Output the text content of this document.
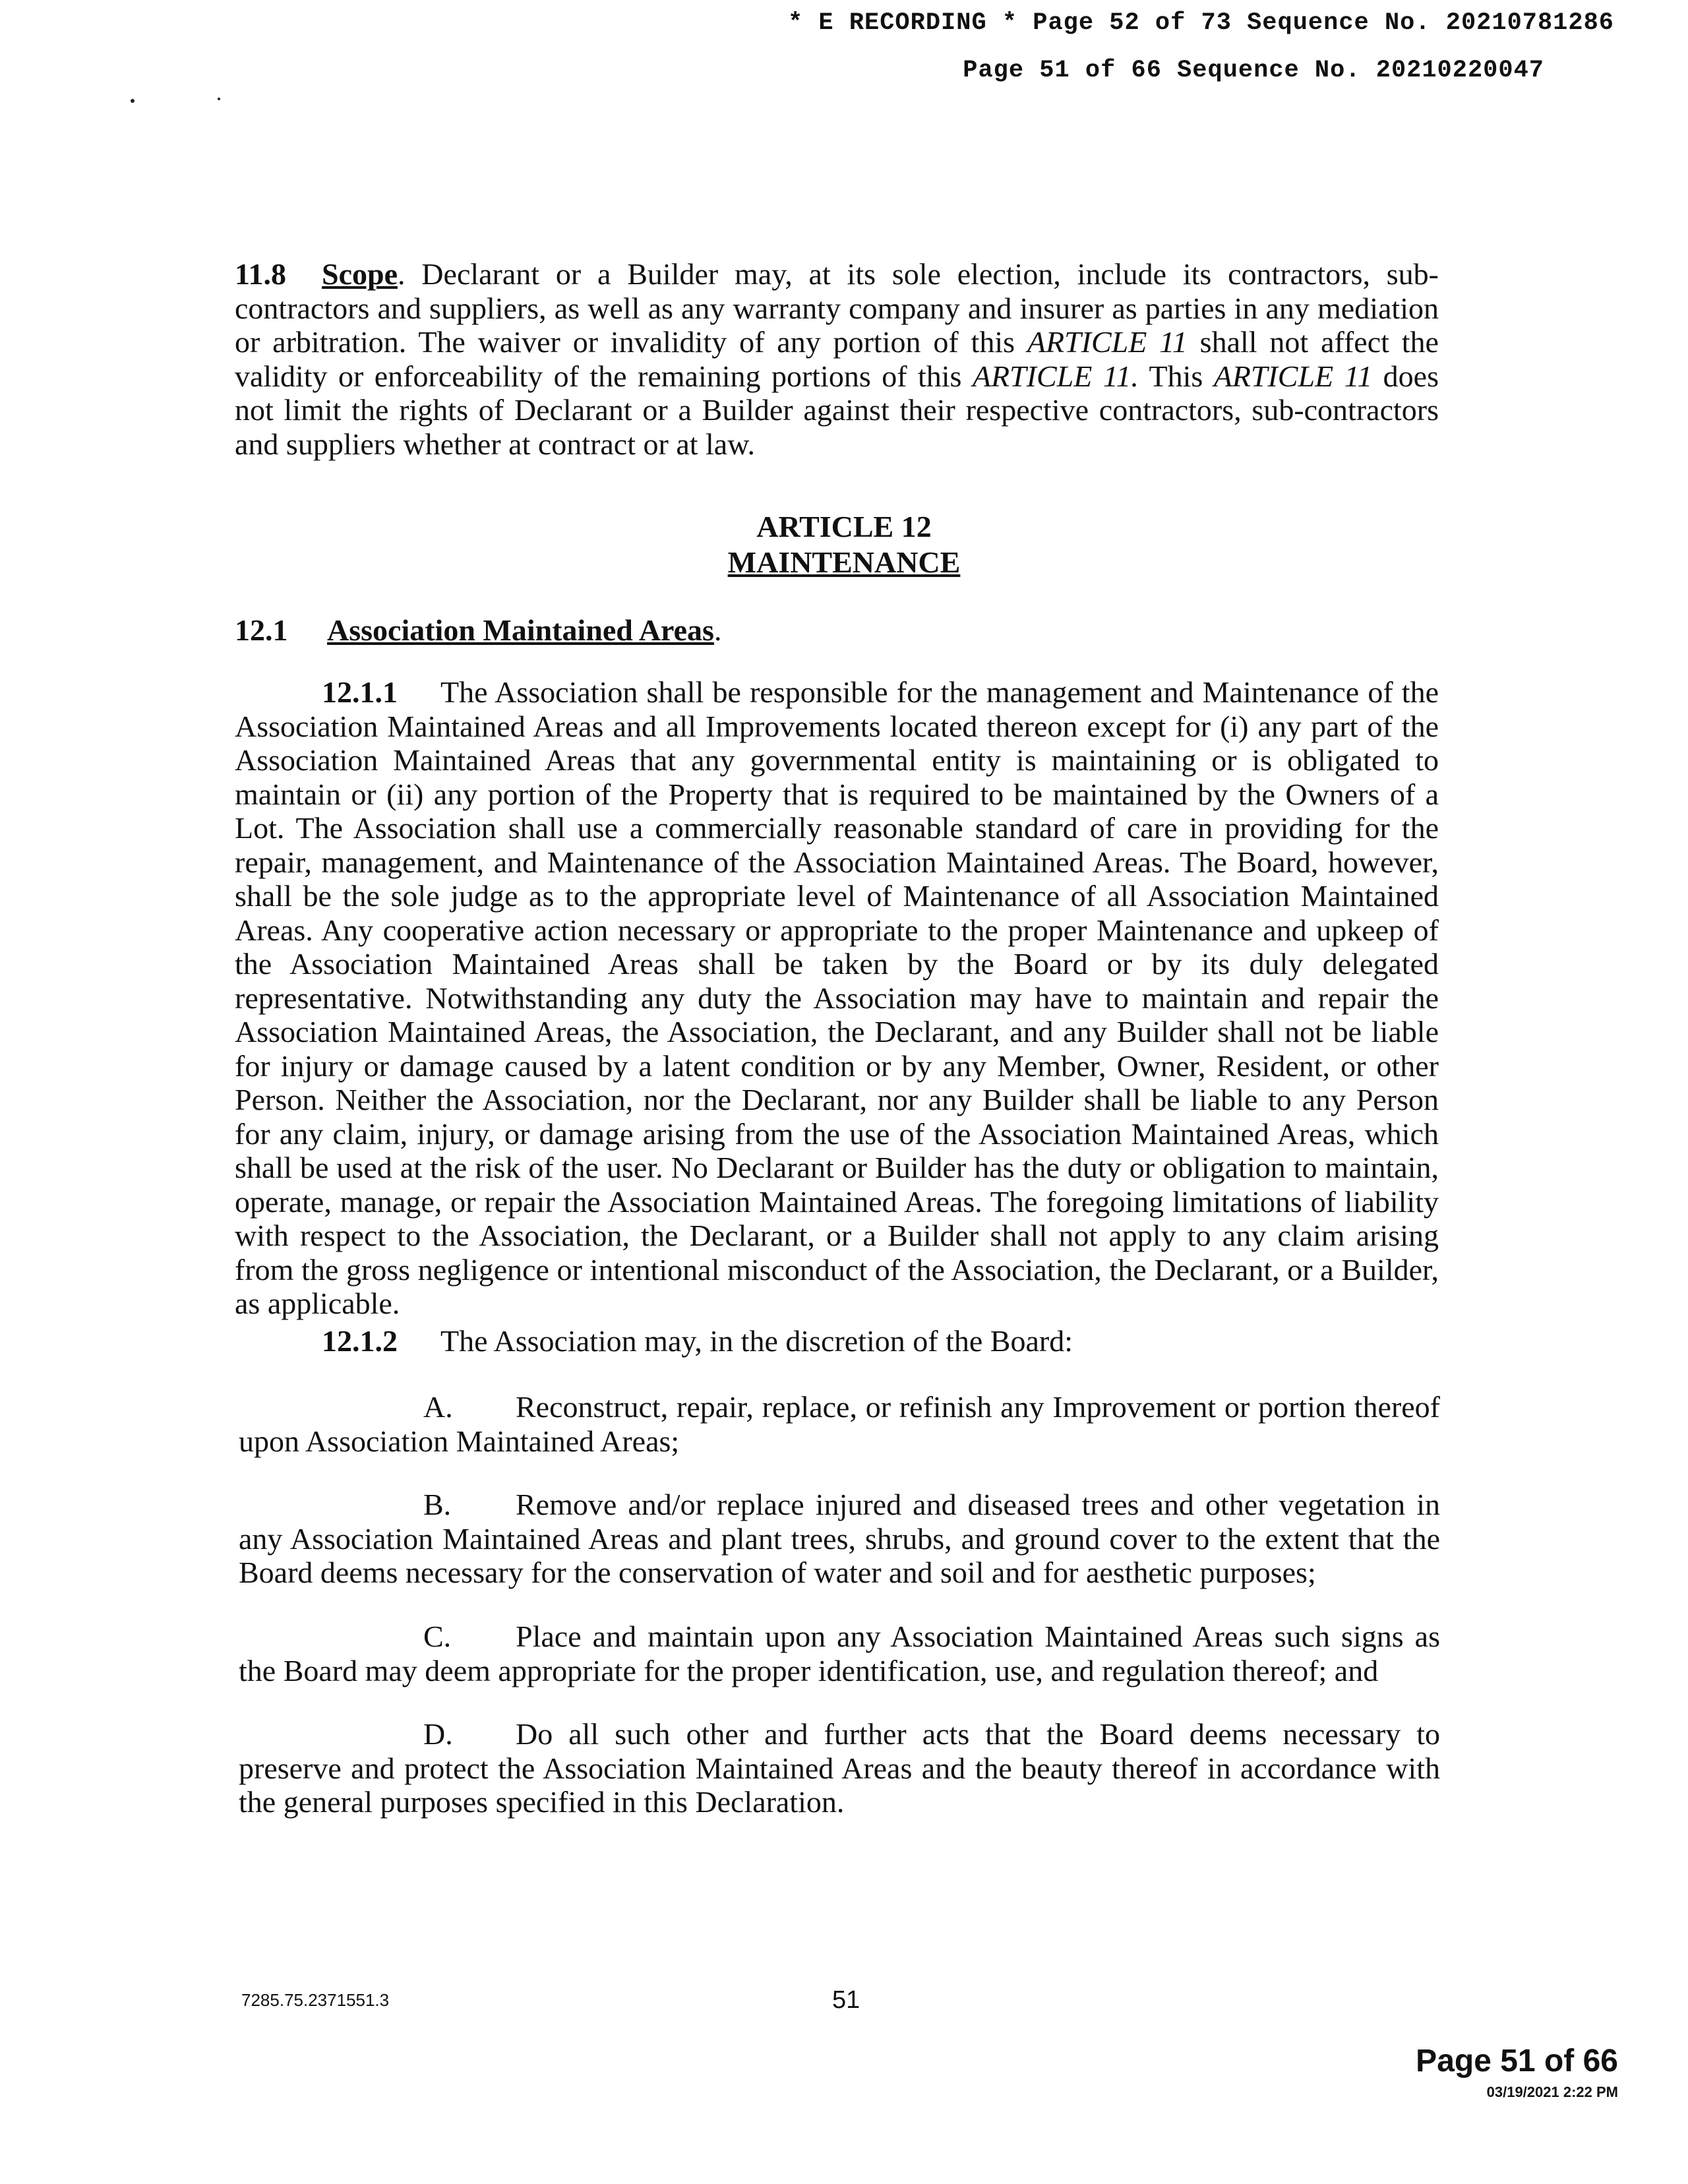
* E RECORDING * Page 52 of 73 Sequence No. 20210781286
Page 51 of 66 Sequence No. 20210220047
11.8 Scope. Declarant or a Builder may, at its sole election, include its contractors, sub-contractors and suppliers, as well as any warranty company and insurer as parties in any mediation or arbitration. The waiver or invalidity of any portion of this ARTICLE 11 shall not affect the validity or enforceability of the remaining portions of this ARTICLE 11. This ARTICLE 11 does not limit the rights of Declarant or a Builder against their respective contractors, sub-contractors and suppliers whether at contract or at law.
ARTICLE 12
MAINTENANCE
12.1 Association Maintained Areas.
12.1.1 The Association shall be responsible for the management and Maintenance of the Association Maintained Areas and all Improvements located thereon except for (i) any part of the Association Maintained Areas that any governmental entity is maintaining or is obligated to maintain or (ii) any portion of the Property that is required to be maintained by the Owners of a Lot. The Association shall use a commercially reasonable standard of care in providing for the repair, management, and Maintenance of the Association Maintained Areas. The Board, however, shall be the sole judge as to the appropriate level of Maintenance of all Association Maintained Areas. Any cooperative action necessary or appropriate to the proper Maintenance and upkeep of the Association Maintained Areas shall be taken by the Board or by its duly delegated representative. Notwithstanding any duty the Association may have to maintain and repair the Association Maintained Areas, the Association, the Declarant, and any Builder shall not be liable for injury or damage caused by a latent condition or by any Member, Owner, Resident, or other Person. Neither the Association, nor the Declarant, nor any Builder shall be liable to any Person for any claim, injury, or damage arising from the use of the Association Maintained Areas, which shall be used at the risk of the user. No Declarant or Builder has the duty or obligation to maintain, operate, manage, or repair the Association Maintained Areas. The foregoing limitations of liability with respect to the Association, the Declarant, or a Builder shall not apply to any claim arising from the gross negligence or intentional misconduct of the Association, the Declarant, or a Builder, as applicable.
12.1.2 The Association may, in the discretion of the Board:
A. Reconstruct, repair, replace, or refinish any Improvement or portion thereof upon Association Maintained Areas;
B. Remove and/or replace injured and diseased trees and other vegetation in any Association Maintained Areas and plant trees, shrubs, and ground cover to the extent that the Board deems necessary for the conservation of water and soil and for aesthetic purposes;
C. Place and maintain upon any Association Maintained Areas such signs as the Board may deem appropriate for the proper identification, use, and regulation thereof; and
D. Do all such other and further acts that the Board deems necessary to preserve and protect the Association Maintained Areas and the beauty thereof in accordance with the general purposes specified in this Declaration.
7285.75.2371551.3	51
Page 51 of 66
03/19/2021 2:22 PM
